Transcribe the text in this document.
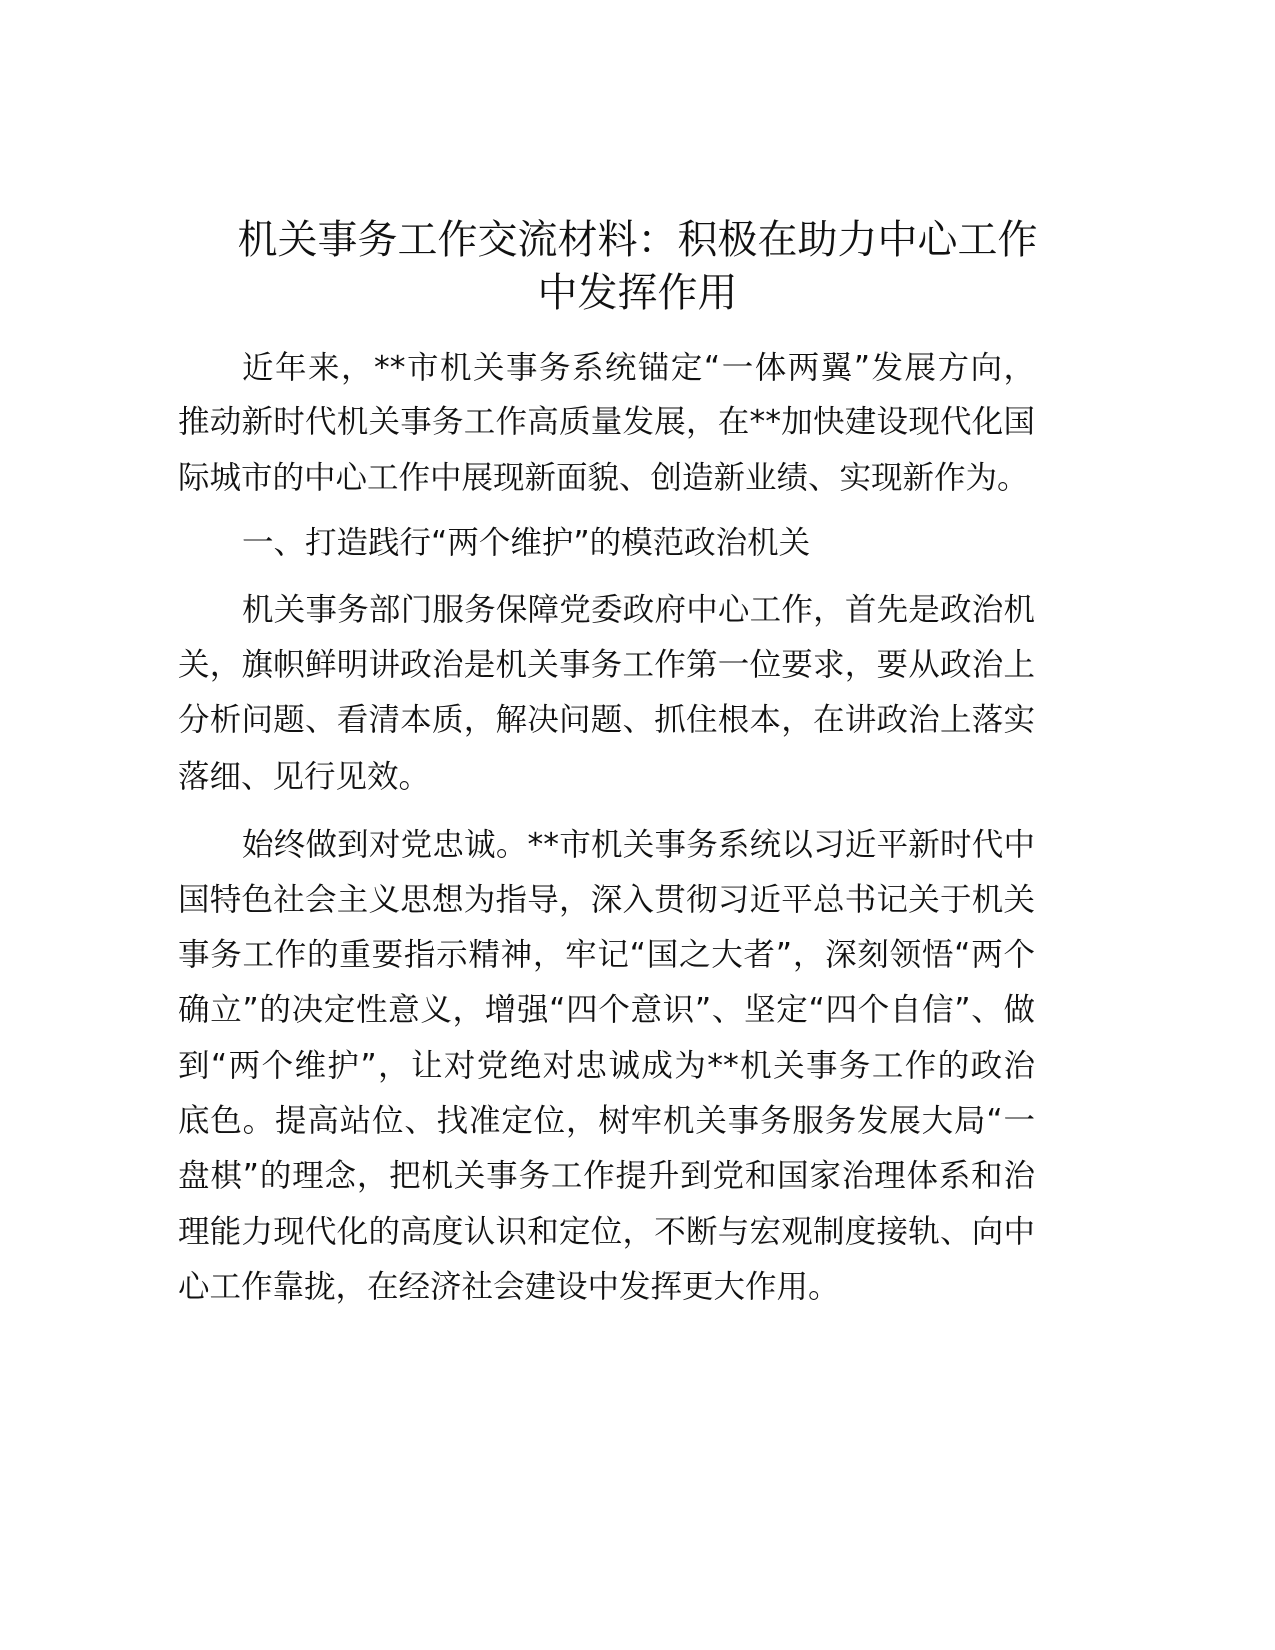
机关事务工作交流材料：积极在助力中心工作
中发挥作用
近年来，**市机关事务系统锚定“一体两翼”发展方向，
推动新时代机关事务工作高质量发展，在**加快建设现代化国
际城市的中心工作中展现新面貌、创造新业绩、实现新作为。
一、打造践行“两个维护”的模范政治机关
机关事务部门服务保障党委政府中心工作，首先是政治机
关，旗帜鲜明讲政治是机关事务工作第一位要求，要从政治上
分析问题、看清本质，解决问题、抓住根本，在讲政治上落实
落细、见行见效。
始终做到对党忠诚。**市机关事务系统以习近平新时代中
国特色社会主义思想为指导，深入贯彻习近平总书记关于机关
事务工作的重要指示精神，牢记“国之大者”，深刻领悟“两个
确立”的决定性意义，增强“四个意识”、坚定“四个自信”、做
到“两个维护”，让对党绝对忠诚成为**机关事务工作的政治
底色。提高站位、找准定位，树牢机关事务服务发展大局“一
盘棋”的理念，把机关事务工作提升到党和国家治理体系和治
理能力现代化的高度认识和定位，不断与宏观制度接轨、向中
心工作靠拢，在经济社会建设中发挥更大作用。
